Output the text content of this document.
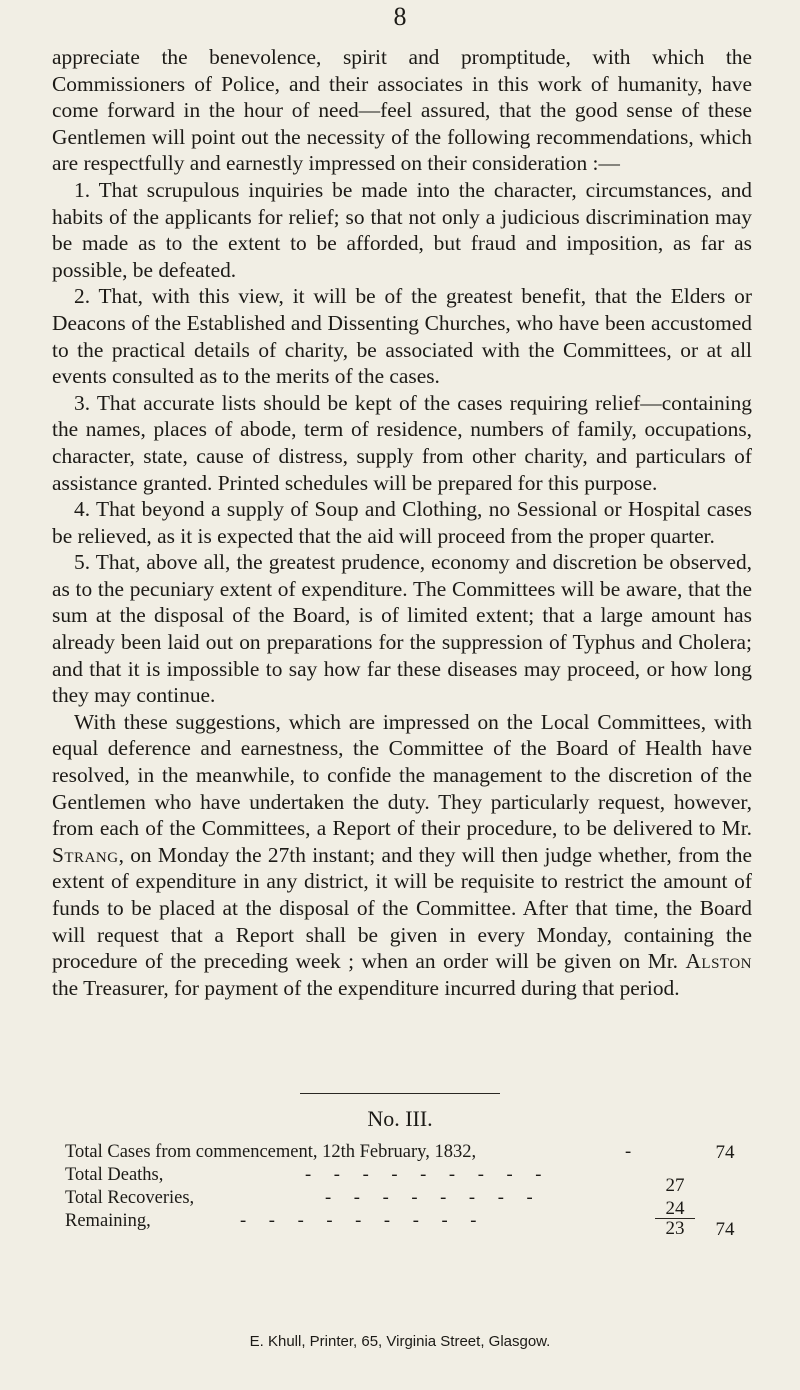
8

appreciate the benevolence, spirit and promptitude, with which the Commissioners of Police, and their associates in this work of humanity, have come forward in the hour of need—feel assured, that the good sense of these Gentlemen will point out the necessity of the following recommendations, which are respectfully and earnestly impressed on their consideration :—

1. That scrupulous inquiries be made into the character, circumstances, and habits of the applicants for relief; so that not only a judicious discrimination may be made as to the extent to be afforded, but fraud and imposition, as far as possible, be defeated.

2. That, with this view, it will be of the greatest benefit, that the Elders or Deacons of the Established and Dissenting Churches, who have been accustomed to the practical details of charity, be associated with the Committees, or at all events consulted as to the merits of the cases.

3. That accurate lists should be kept of the cases requiring relief—containing the names, places of abode, term of residence, numbers of family, occupations, character, state, cause of distress, supply from other charity, and particulars of assistance granted. Printed schedules will be prepared for this purpose.

4. That beyond a supply of Soup and Clothing, no Sessional or Hospital cases be relieved, as it is expected that the aid will proceed from the proper quarter.

5. That, above all, the greatest prudence, economy and discretion be observed, as to the pecuniary extent of expenditure. The Committees will be aware, that the sum at the disposal of the Board, is of limited extent; that a large amount has already been laid out on preparations for the suppression of Typhus and Cholera; and that it is impossible to say how far these diseases may proceed, or how long they may continue.

With these suggestions, which are impressed on the Local Committees, with equal deference and earnestness, the Committee of the Board of Health have resolved, in the meanwhile, to confide the management to the discretion of the Gentlemen who have undertaken the duty. They particularly request, however, from each of the Committees, a Report of their procedure, to be delivered to Mr. Strang, on Monday the 27th instant; and they will then judge whether, from the extent of expenditure in any district, it will be requisite to restrict the amount of funds to be placed at the disposal of the Committee. After that time, the Board will request that a Report shall be given in every Monday, containing the procedure of the preceding week ; when an order will be given on Mr. Alston the Treasurer, for payment of the expenditure incurred during that period.

No. III.
Total Cases from commencement, 12th February, 1832,	-	74
Total Deaths,	- - - - - - - - -	27
Total Recoveries,	- - - - - - - -	24
Remaining,	- - - - - - - - -	23	74
E. Khull, Printer, 65, Virginia Street, Glasgow.
